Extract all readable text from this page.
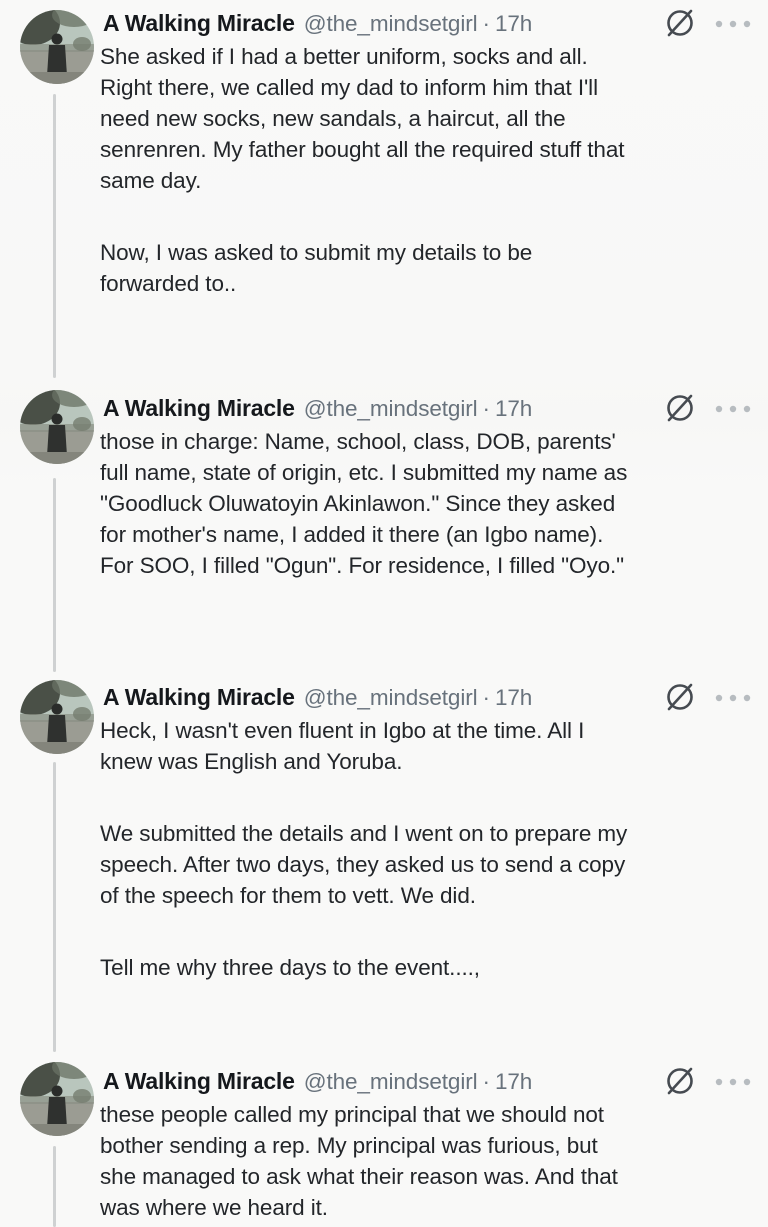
A Walking Miracle @the_mindsetgirl · 17h
She asked if I had a better uniform, socks and all.
Right there, we called my dad to inform him that I'll
need new socks, new sandals, a haircut, all the
senrenren. My father bought all the required stuff that
same day.
Now, I was asked to submit my details to be
forwarded to..
A Walking Miracle @the_mindsetgirl · 17h
those in charge: Name, school, class, DOB, parents'
full name, state of origin, etc. I submitted my name as
"Goodluck Oluwatoyin Akinlawon." Since they asked
for mother's name, I added it there (an Igbo name).
For SOO, I filled "Ogun". For residence, I filled "Oyo."
A Walking Miracle @the_mindsetgirl · 17h
Heck, I wasn't even fluent in Igbo at the time. All I
knew was English and Yoruba.
We submitted the details and I went on to prepare my
speech. After two days, they asked us to send a copy
of the speech for them to vett. We did.
Tell me why three days to the event....,
A Walking Miracle @the_mindsetgirl · 17h
these people called my principal that we should not
bother sending a rep. My principal was furious, but
she managed to ask what their reason was. And that
was where we heard it.
